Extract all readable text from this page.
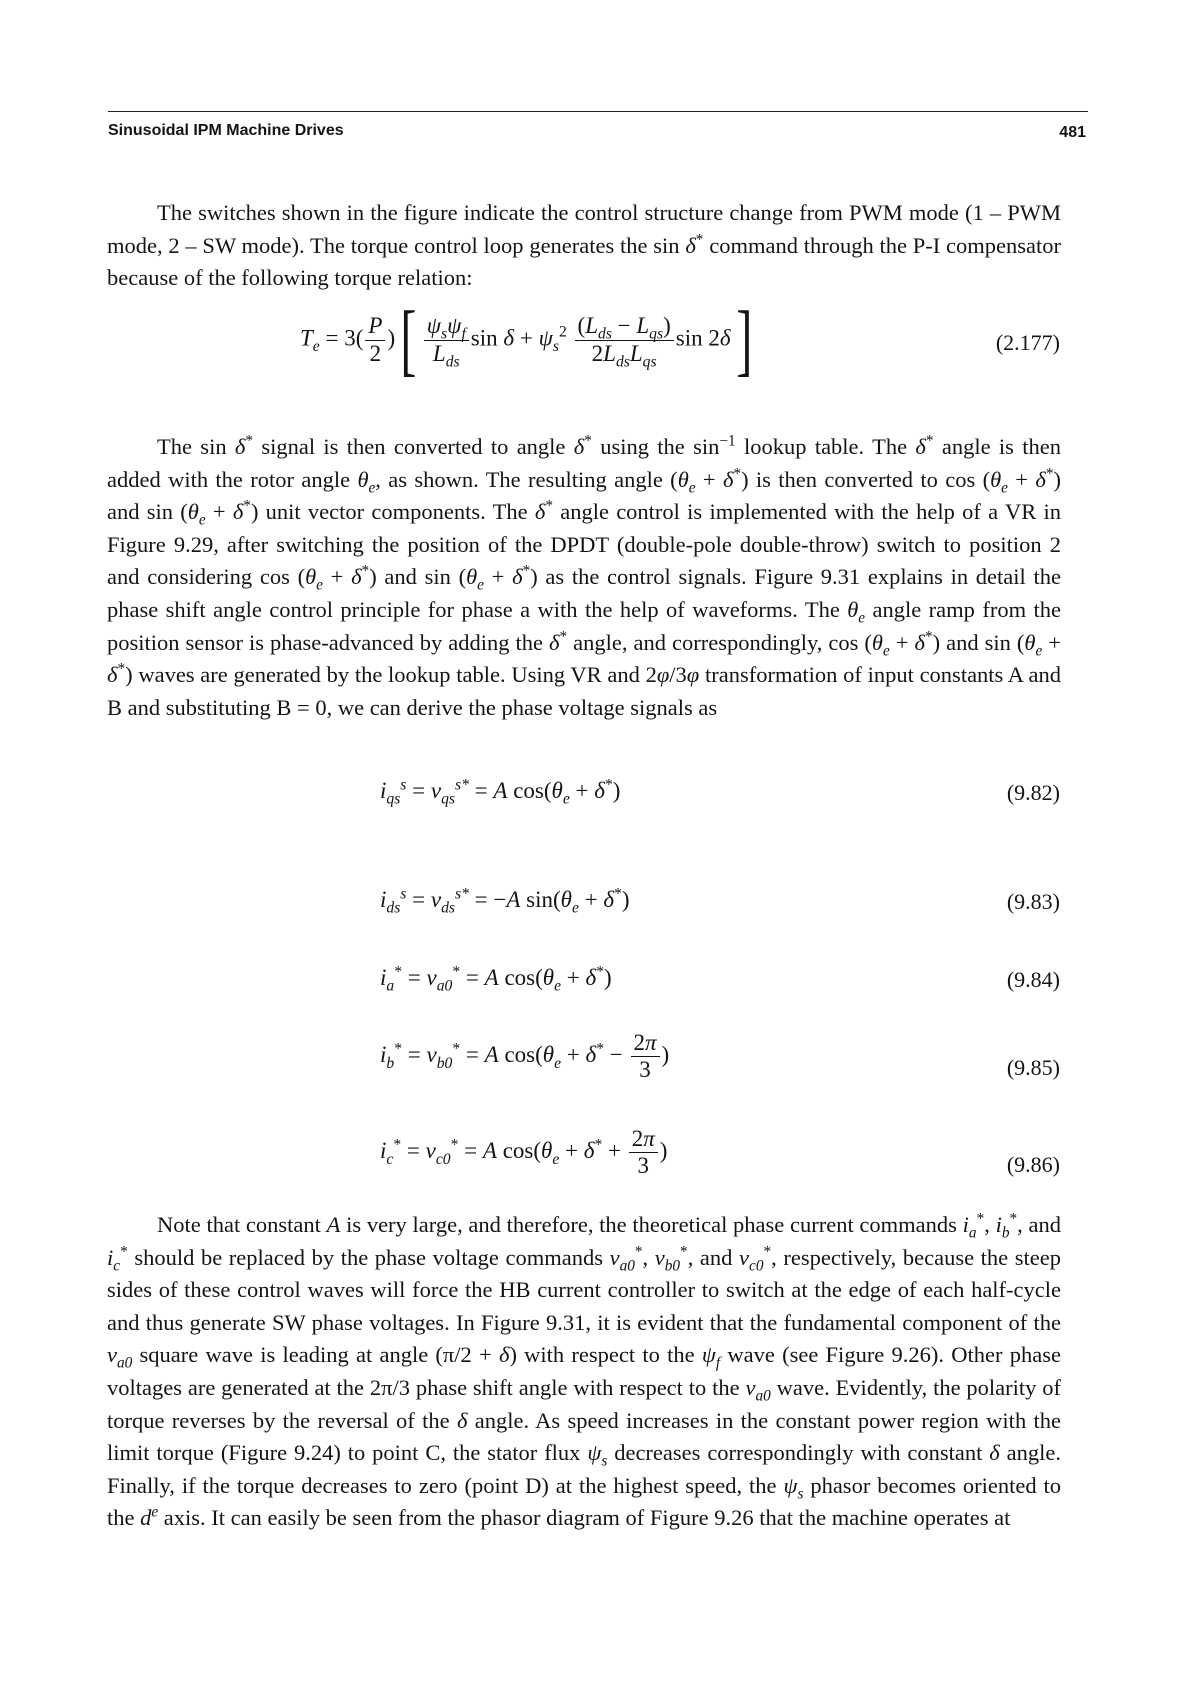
Sinusoidal IPM Machine Drives	481

The switches shown in the figure indicate the control structure change from PWM mode (1 – PWM mode, 2 – SW mode). The torque control loop generates the sin δ* command through the P-I compensator because of the following torque relation:

$T_e = 3( \frac{P}{2}$ )[ $\frac{\psi_s\psi_f}{L_{ds}}$ $\sin \delta + \psi_s^2 \frac{(L_{ds} - L_{qs})}{2L_{ds}L_{qs}}$ sin 2δ]	(2.177)

The sin δ* signal is then converted to angle δ* using the $\sin^{-1}$ lookup table. The δ* angle is then added with the rotor angle $\theta_e$, as shown. The resulting angle $(\theta_e + \delta^*)$ is then converted to $\cos (\theta_e + \delta^*)$ and $\sin (\theta_e + \delta^*)$ unit vector components. The δ* angle control is implemented with the help of a VR in Figure 9.29, after switching the position of the DPDT (double-pole double-throw) switch to position 2 and considering $\cos (\theta_e + \delta^*)$ and $\sin (\theta_e + \delta^*)$ as the control signals. Figure 9.31 explains in detail the phase shift angle control principle for phase a with the help of waveforms. The $\theta_e$ angle ramp from the position sensor is phase-advanced by adding the δ* angle, and correspondingly, $\cos (\theta_e + \delta^*)$ and $\sin (\theta_e + \delta^*)$ waves are generated by the lookup table. Using VR and 2φ/3φ transformation of input constants A and B and substituting B = 0, we can derive the phase voltage signals as

$i_{qs}^s = v_{qs}^{s*} = A$ $\cos(\theta_e + \delta^*)$	(9.82)
$i_{ds}^s = v_{ds}^{s*} = -A$ $\sin(\theta_e + \delta^*)$	(9.83)
$i_a^* = v_{a0}^* = A$ $\cos(\theta_e + \delta^*)$	(9.84)
$i_b^* = v_{b0}^* = A$ $\cos(\theta_e + \delta^* - \frac{2\pi}{3}$ )
(9.85)
$i_c^* = v_{c0}^* = A$ $\cos(\theta_e + \delta^* + \frac{2\pi}{3}$ )
(9.86)

Note that constant A is very large, and therefore, the theoretical phase current commands $i_a^*$, $i_b^*$, and $i_c^*$ should be replaced by the phase voltage commands $v_{a0}^*$, $v_{b0}^*$, and $v_{c0}^*$, respectively, because the steep sides of these control waves will force the HB current controller to switch at the edge of each half-cycle and thus generate SW phase voltages. In Figure 9.31, it is evident that the fundamental component of the $v_{a0}$ square wave is leading at angle (π/2 + δ) with respect to the $\psi_f$ wave (see Figure 9.26). Other phase voltages are generated at the 2π/3 phase shift angle with respect to the $v_{a0}$ wave. Evidently, the polarity of torque reverses by the reversal of the δ angle. As speed increases in the constant power region with the limit torque (Figure 9.24) to point C, the stator flux $\psi_s$ decreases correspondingly with constant δ angle. Finally, if the torque decreases to zero (point D) at the highest speed, the $\psi_s$ phasor becomes oriented to the $d^e$ axis. It can easily be seen from the phasor diagram of Figure 9.26 that the machine operates at
